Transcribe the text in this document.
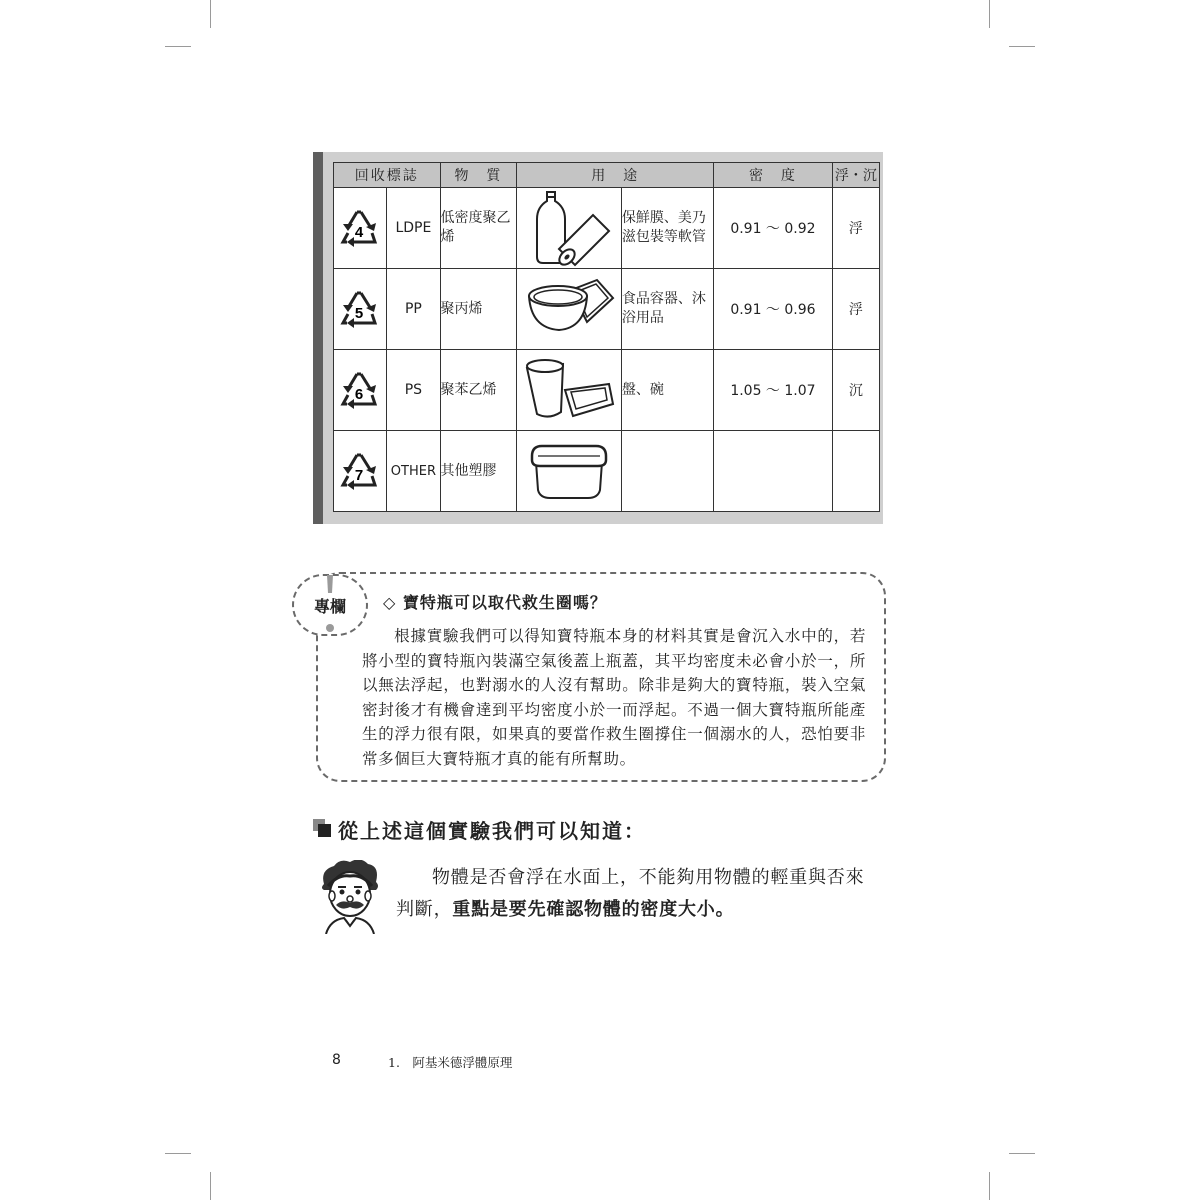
回收標誌		物　質	用　途		密　度	浮・沉

4	LDPE	低密度聚乙烯		保鮮膜、美乃滋包裝等軟管	0.91 ～ 0.92	浮

5	PP	聚丙烯		食品容器、沐浴用品	0.91 ～ 0.96	浮

6	PS	聚苯乙烯		盤、碗	1.05 ～ 1.07	沉

7	OTHER	其他塑膠	

專欄 ◇ 寶特瓶可以取代救生圈嗎？
根據實驗我們可以得知寶特瓶本身的材料其實是會沉入水中的，若將小型的寶特瓶內裝滿空氣後蓋上瓶蓋，其平均密度未必會小於一，所以無法浮起，也對溺水的人沒有幫助。除非是夠大的寶特瓶，裝入空氣密封後才有機會達到平均密度小於一而浮起。不過一個大寶特瓶所能產生的浮力很有限，如果真的要當作救生圈撐住一個溺水的人，恐怕要非常多個巨大寶特瓶才真的能有所幫助。
從上述這個實驗我們可以知道：
物體是否會浮在水面上，不能夠用物體的輕重與否來判斷，重點是要先確認物體的密度大小。
8	1.　阿基米德浮體原理
